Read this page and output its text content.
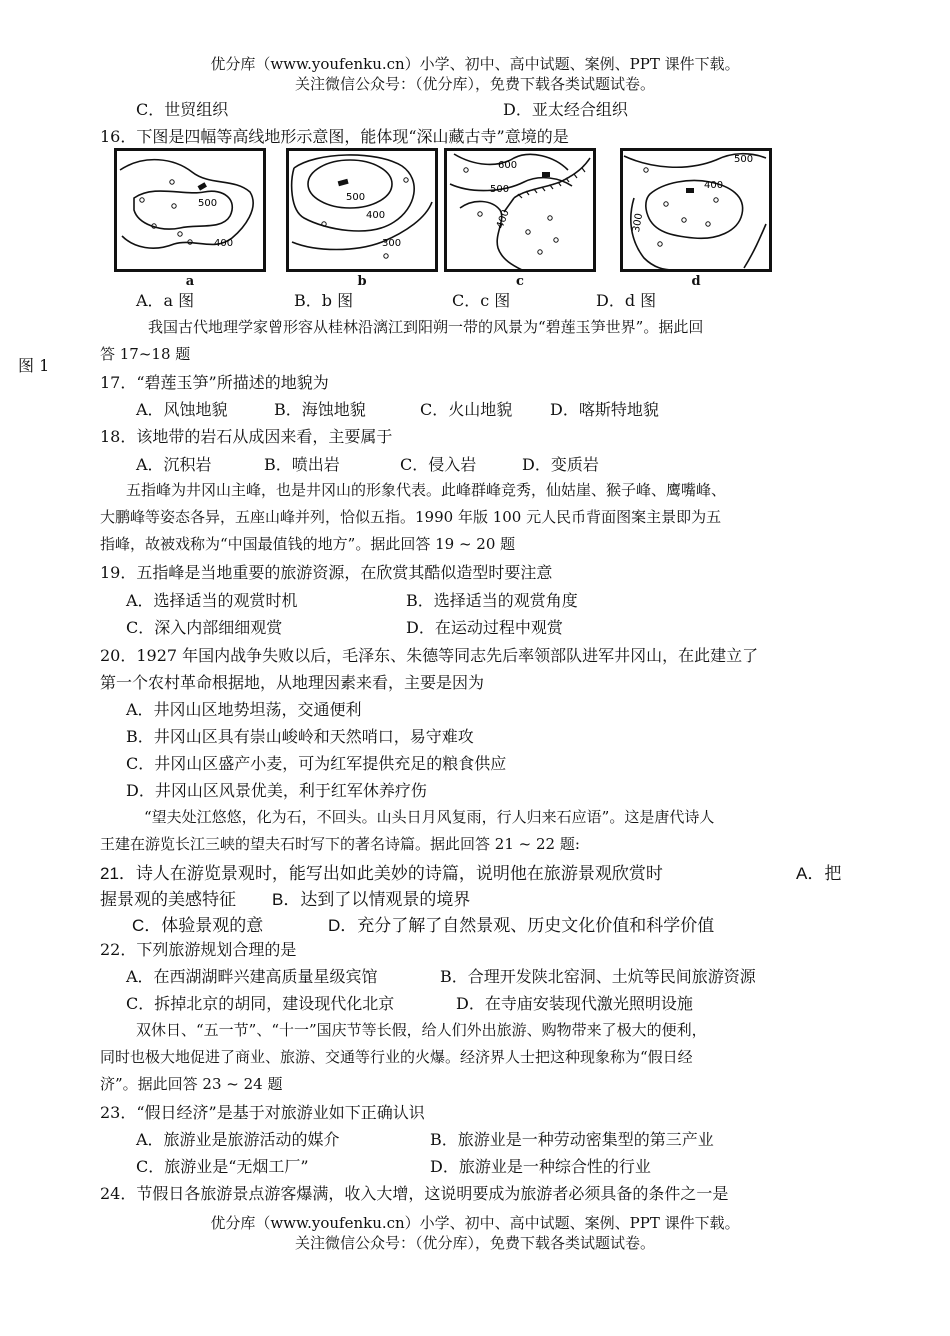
优分库（www.youfenku.cn）小学、初中、高中试题、案例、PPT 课件下载。
关注微信公众号：（优分库），免费下载各类试题试卷。
C．世贸组织	D．亚太经合组织
16．下图是四幅等高线地形示意图，能体现“深山藏古寺”意境的是
500
400
a
500
400
300
b
600
500
400
c
500
400
300
d
A．a 图	B．b 图	C．c 图	D．d 图
我国古代地理学家曾形容从桂林沿漓江到阳朔一带的风景为“碧莲玉笋世界”。据此回
答 17~18 题
图 1
17．“碧莲玉笋”所描述的地貌为
A．风蚀地貌	B．海蚀地貌	C．火山地貌 D．喀斯特地貌
18．该地带的岩石从成因来看，主要属于
A．沉积岩	B．喷出岩	C．侵入岩	D．变质岩
五指峰为井冈山主峰，也是井冈山的形象代表。此峰群峰竞秀，仙姑崖、猴子峰、鹰嘴峰、
大鹏峰等姿态各异，五座山峰并列，恰似五指。1990 年版 100 元人民币背面图案主景即为五
指峰，故被戏称为“中国最值钱的地方”。据此回答 19 ~ 20 题
19．五指峰是当地重要的旅游资源，在欣赏其酷似造型时要注意
A．选择适当的观赏时机	B．选择适当的观赏角度
C．深入内部细细观赏	D．在运动过程中观赏
20．1927 年国内战争失败以后，毛泽东、朱德等同志先后率领部队进军井冈山，在此建立了
第一个农村革命根据地，从地理因素来看，主要是因为
A．井冈山区地势坦荡，交通便利
B．井冈山区具有崇山峻岭和天然哨口，易守难攻
C．井冈山区盛产小麦，可为红军提供充足的粮食供应
D．井冈山区风景优美，利于红军休养疗伤
“望夫处江悠悠，化为石，不回头。山头日月风复雨，行人归来石应语”。这是唐代诗人
王建在游览长江三峡的望夫石时写下的著名诗篇。据此回答 21 ~ 22 题:
21．诗人在游览景观时，能写出如此美妙的诗篇，说明他在旅游景观欣赏时	A．把
握景观的美感特征 B．达到了以情观景的境界
C．体验景观的意	D．充分了解了自然景观、历史文化价值和科学价值
22．下列旅游规划合理的是
A．在西湖湖畔兴建高质量星级宾馆	B．合理开发陕北窑洞、土炕等民间旅游资源
C．拆掉北京的胡同，建设现代化北京	D．在寺庙安装现代激光照明设施
双休日、“五一节”、“十一”国庆节等长假，给人们外出旅游、购物带来了极大的便利，
同时也极大地促进了商业、旅游、交通等行业的火爆。经济界人士把这种现象称为“假日经
济”。据此回答 23 ~ 24 题
23．“假日经济”是基于对旅游业如下正确认识
A．旅游业是旅游活动的媒介	B．旅游业是一种劳动密集型的第三产业
C．旅游业是“无烟工厂”	D．旅游业是一种综合性的行业
24．节假日各旅游景点游客爆满，收入大增，这说明要成为旅游者必须具备的条件之一是
优分库（www.youfenku.cn）小学、初中、高中试题、案例、PPT 课件下载。
关注微信公众号：（优分库），免费下载各类试题试卷。
